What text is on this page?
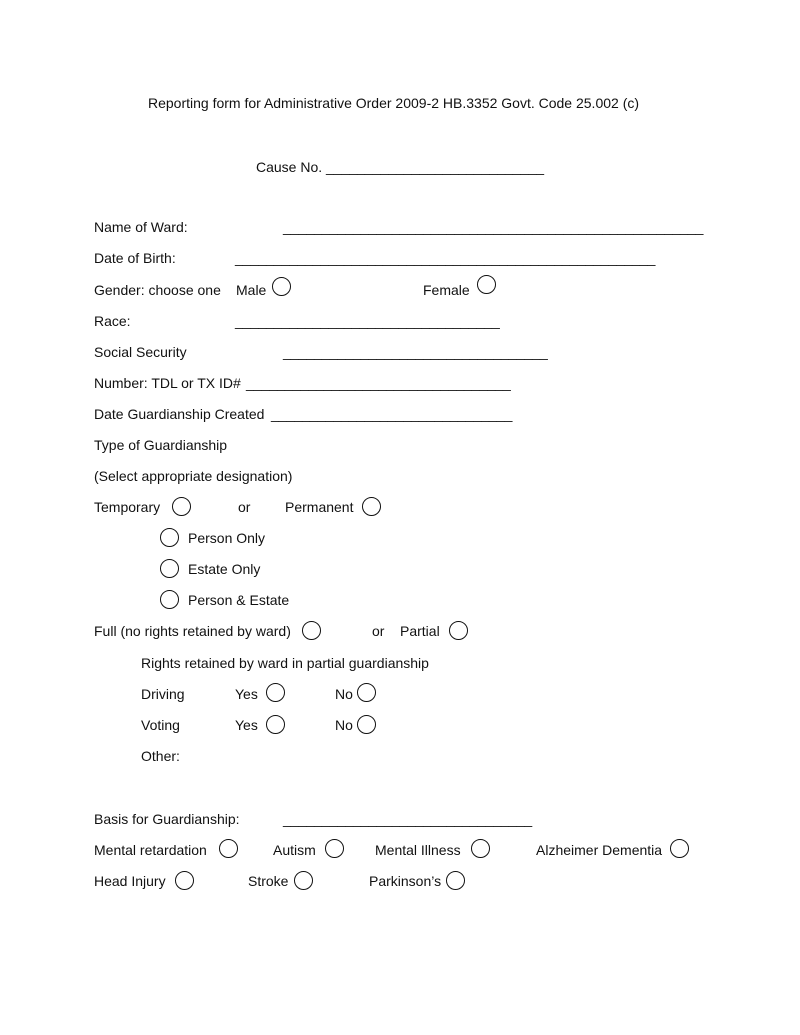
Reporting form for Administrative Order 2009-2 HB.3352 Govt. Code 25.002 (c)
Cause No. ____________________________
Name of Ward:	______________________________________________________
Date of Birth:	______________________________________________________
Gender: choose one Male	Female
Race:	__________________________________
Social Security	__________________________________
Number: TDL or TX ID# __________________________________
Date Guardianship Created _______________________________
Type of Guardianship
(Select appropriate designation)
Temporary	or Permanent
Person Only
Estate Only
Person & Estate
Full (no rights retained by ward)	or Partial
Rights retained by ward in partial guardianship
Driving	Yes	No
Voting	Yes	No
Other:
Basis for Guardianship:	________________________________
Mental retardation	Autism	Mental Illness	Alzheimer Dementia
Head Injury	Stroke	Parkinson’s
